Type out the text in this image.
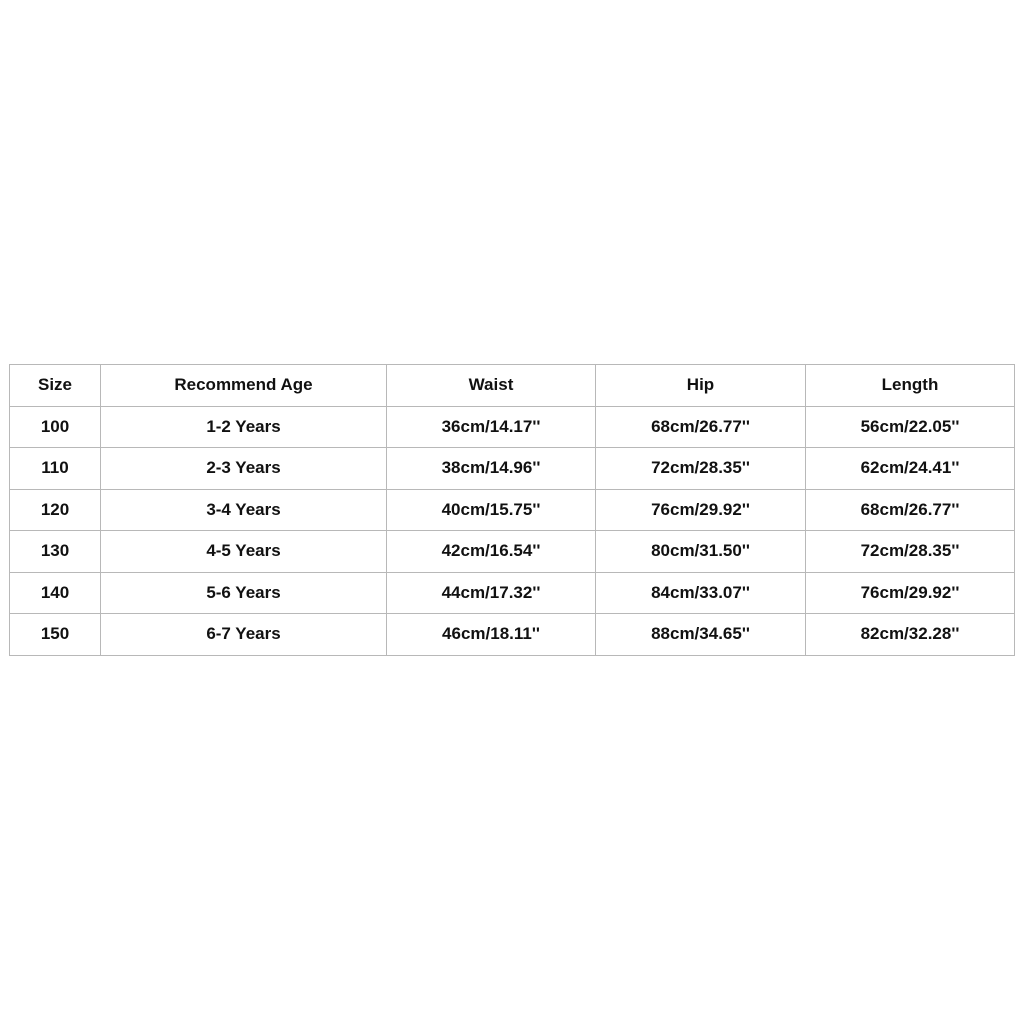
Size	Recommend Age	Waist	Hip	Length
100	1-2 Years	36cm/14.17''	68cm/26.77''	56cm/22.05''
110	2-3 Years	38cm/14.96''	72cm/28.35''	62cm/24.41''
120	3-4 Years	40cm/15.75''	76cm/29.92''	68cm/26.77''
130	4-5 Years	42cm/16.54''	80cm/31.50''	72cm/28.35''
140	5-6 Years	44cm/17.32''	84cm/33.07''	76cm/29.92''
150	6-7 Years	46cm/18.11''	88cm/34.65''	82cm/32.28''
